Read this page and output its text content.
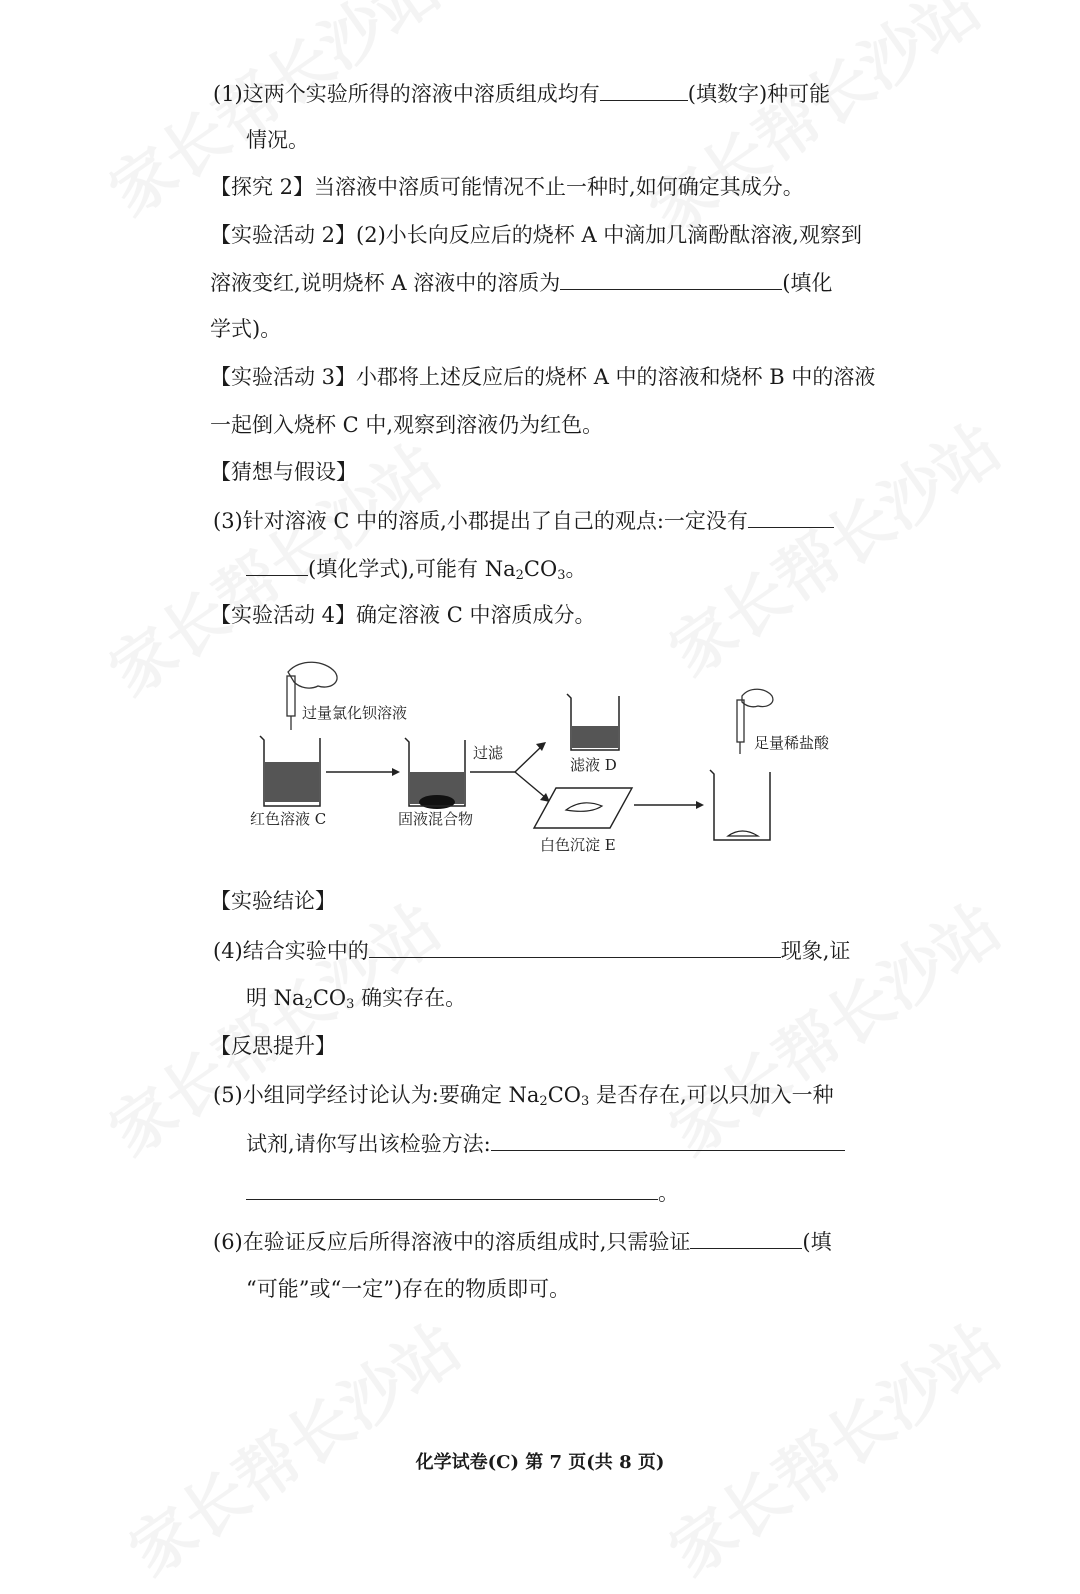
(1)这两个实验所得的溶液中溶质组成均有	(填数字)种可能
情况。
【探究 2】当溶液中溶质可能情况不止一种时,如何确定其成分。
【实验活动 2】(2)小长向反应后的烧杯 A 中滴加几滴酚酞溶液,观察到
溶液变红,说明烧杯 A 溶液中的溶质为	(填化
学式)。
【实验活动 3】小郡将上述反应后的烧杯 A 中的溶液和烧杯 B 中的溶液
一起倒入烧杯 C 中,观察到溶液仍为红色。
【猜想与假设】
(3)针对溶液 C 中的溶质,小郡提出了自己的观点:一定没有
(填化学式),可能有 $Na_2CO_3$。
【实验活动 4】确定溶液 C 中溶质成分。
过量氯化钡溶液
红色溶液 C	固液混合物
过滤
滤液 D
白色沉淀 E
足量稀盐酸
【实验结论】
(4)结合实验中的	现象,证
明 $Na_2CO_3$ 确实存在。
【反思提升】
(5)小组同学经讨论认为:要确定 $Na_2CO_3$ 是否存在,可以只加入一种
试剂,请你写出该检验方法:
。
(6)在验证反应后所得溶液中的溶质组成时,只需验证	(填
“可能”或“一定”)存在的物质即可。
化学试卷(C) 第 7 页(共 8 页)
